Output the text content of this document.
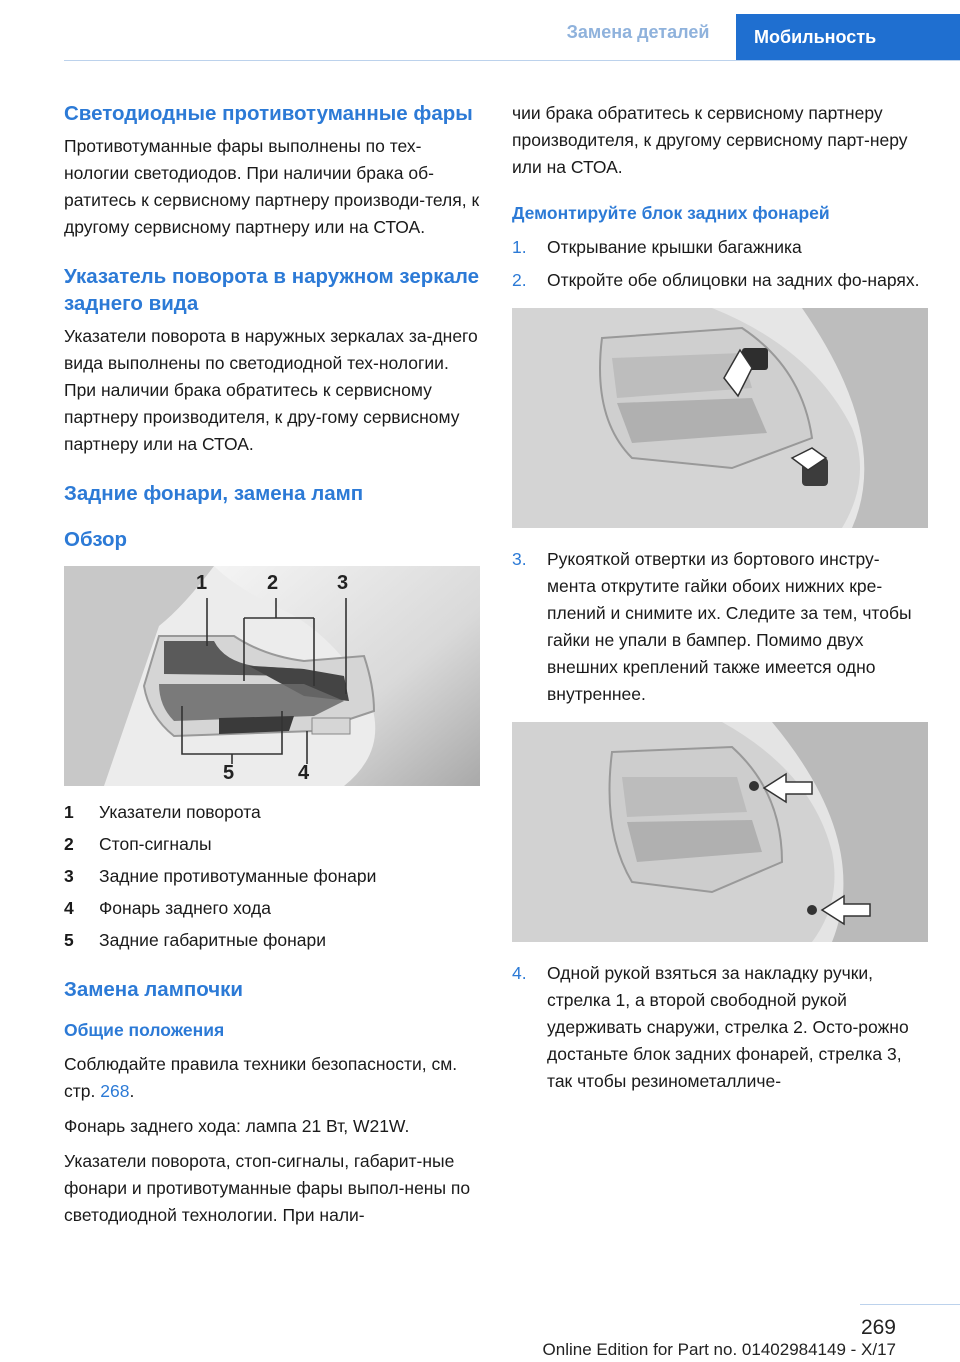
Замена деталей	Мобильность
Светодиодные противотуманные фары

Противотуманные фары выполнены по тех-нологии светодиодов. При наличии брака об-ратитесь к сервисному партнеру производи-теля, к другому сервисному партнеру или на СТОА.

Указатель поворота в наружном зеркале заднего вида

Указатели поворота в наружных зеркалах за-днего вида выполнены по светодиодной тех-нологии. При наличии брака обратитесь к сервисному партнеру производителя, к дру-гому сервисному партнеру или на СТОА.

Задние фонари, замена ламп
Обзор
1	2	3
4
5
1	Указатели поворота
2	Стоп-сигналы
3	Задние противотуманные фонари
4	Фонарь заднего хода
5	Задние габаритные фонари
Замена лампочки
Общие положения

Соблюдайте правила техники безопасности, см. стр. 268.

Фонарь заднего хода: лампа 21 Вт, W21W.

Указатели поворота, стоп-сигналы, габарит-ные фонари и противотуманные фары выпол-нены по светодиодной технологии. При нали-

чии брака обратитесь к сервисному партнеру производителя, к другому сервисному парт-неру или на СТОА.

Демонтируйте блок задних фонарей
1.	Открывание крышки багажника
2.	Откройте обе облицовки на задних фо-нарях.
3.	Рукояткой отвертки из бортового инстру-мента открутите гайки обоих нижних кре-плений и снимите их. Следите за тем, чтобы гайки не упали в бампер. Помимо двух внешних креплений также имеется одно внутреннее.
4.	Одной рукой взяться за накладку ручки, стрелка 1, а второй свободной рукой удерживать снаружи, стрелка 2. Осто-рожно достаньте блок задних фонарей, стрелка 3, так чтобы резинометалличе-
269
Online Edition for Part no. 01402984149 - X/17
